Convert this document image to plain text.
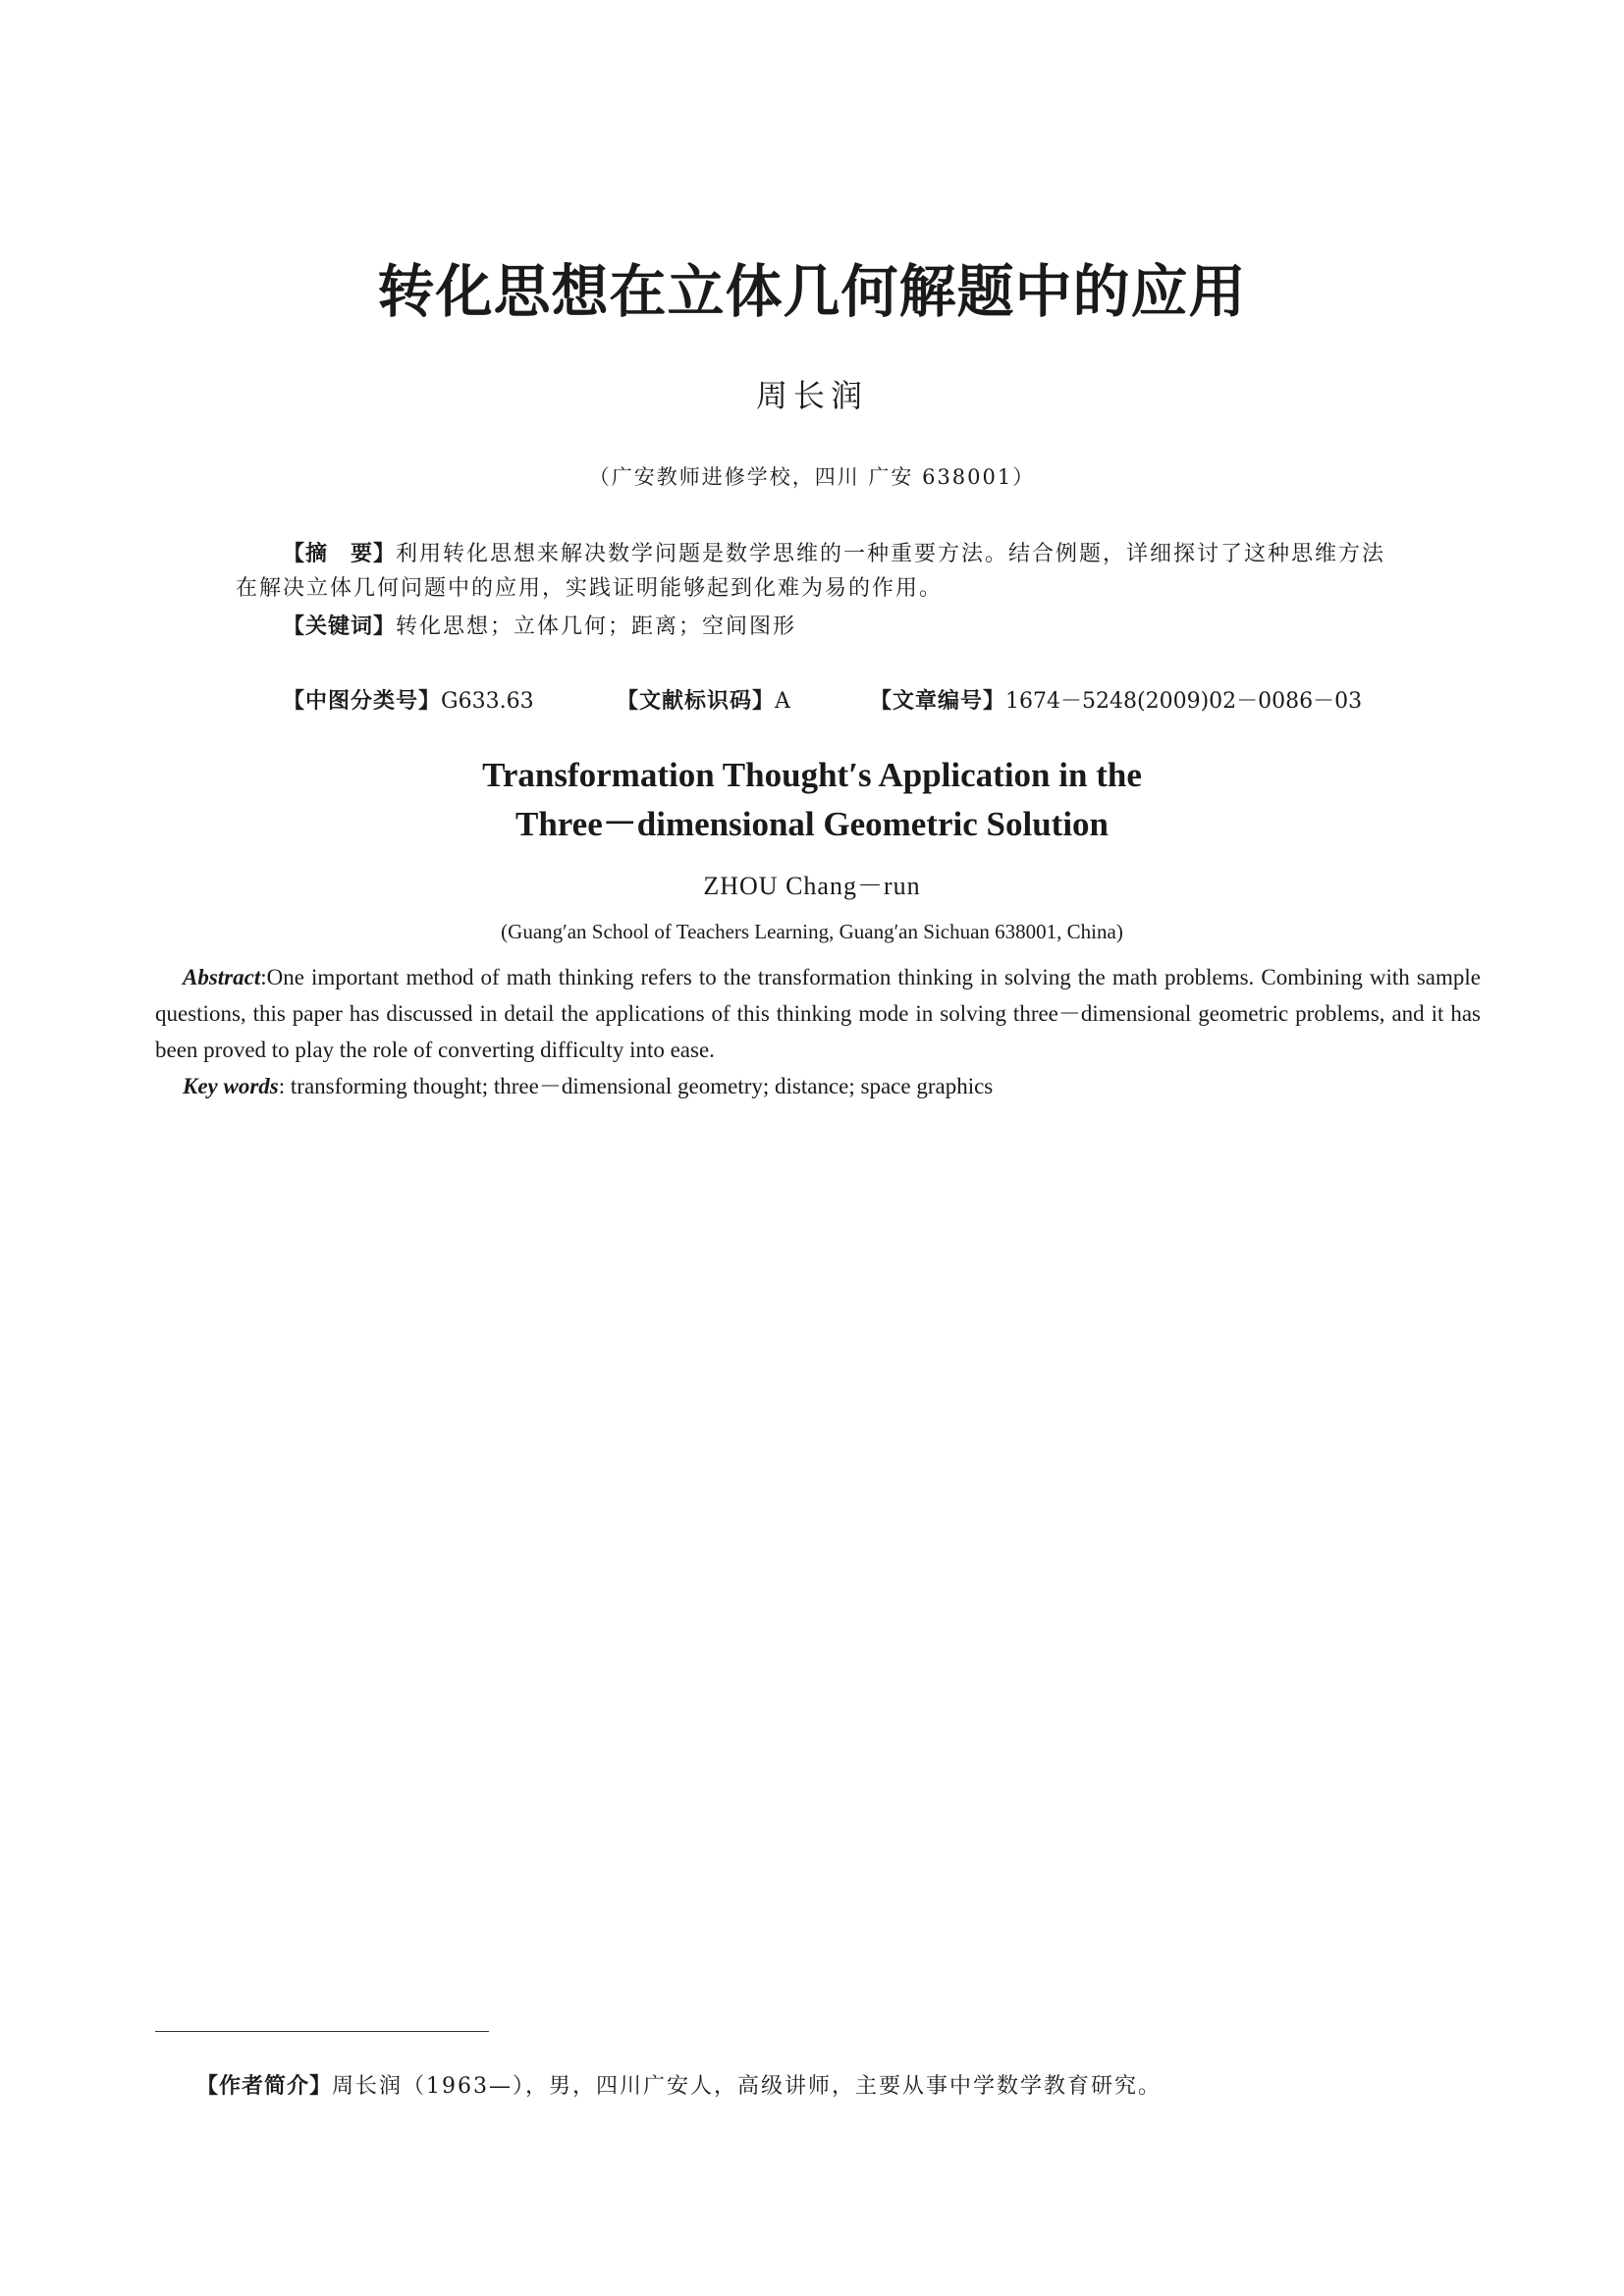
转化思想在立体几何解题中的应用
周长润
（广安教师进修学校，四川 广安 638001）
【摘　要】利用转化思想来解决数学问题是数学思维的一种重要方法。结合例题，详细探讨了这种思维方法在解决立体几何问题中的应用，实践证明能够起到化难为易的作用。
【关键词】转化思想；立体几何；距离；空间图形
【中图分类号】G633.63	【文献标识码】A	【文章编号】1674－5248(2009)02－0086－03
Transformation Thought′s Application in the
Three－dimensional Geometric Solution
ZHOU Chang－run
(Guang′an School of Teachers Learning, Guang′an Sichuan 638001, China)
Abstract:One important method of math thinking refers to the transformation thinking in solving the math problems. Combining with sample questions, this paper has discussed in detail the applications of this thinking mode in solving three－dimensional geometric problems, and it has been proved to play the role of converting difficulty into ease.
Key words: transforming thought; three－dimensional geometry; distance; space graphics
【作者简介】周长润（1963—），男，四川广安人，高级讲师，主要从事中学数学教育研究。
